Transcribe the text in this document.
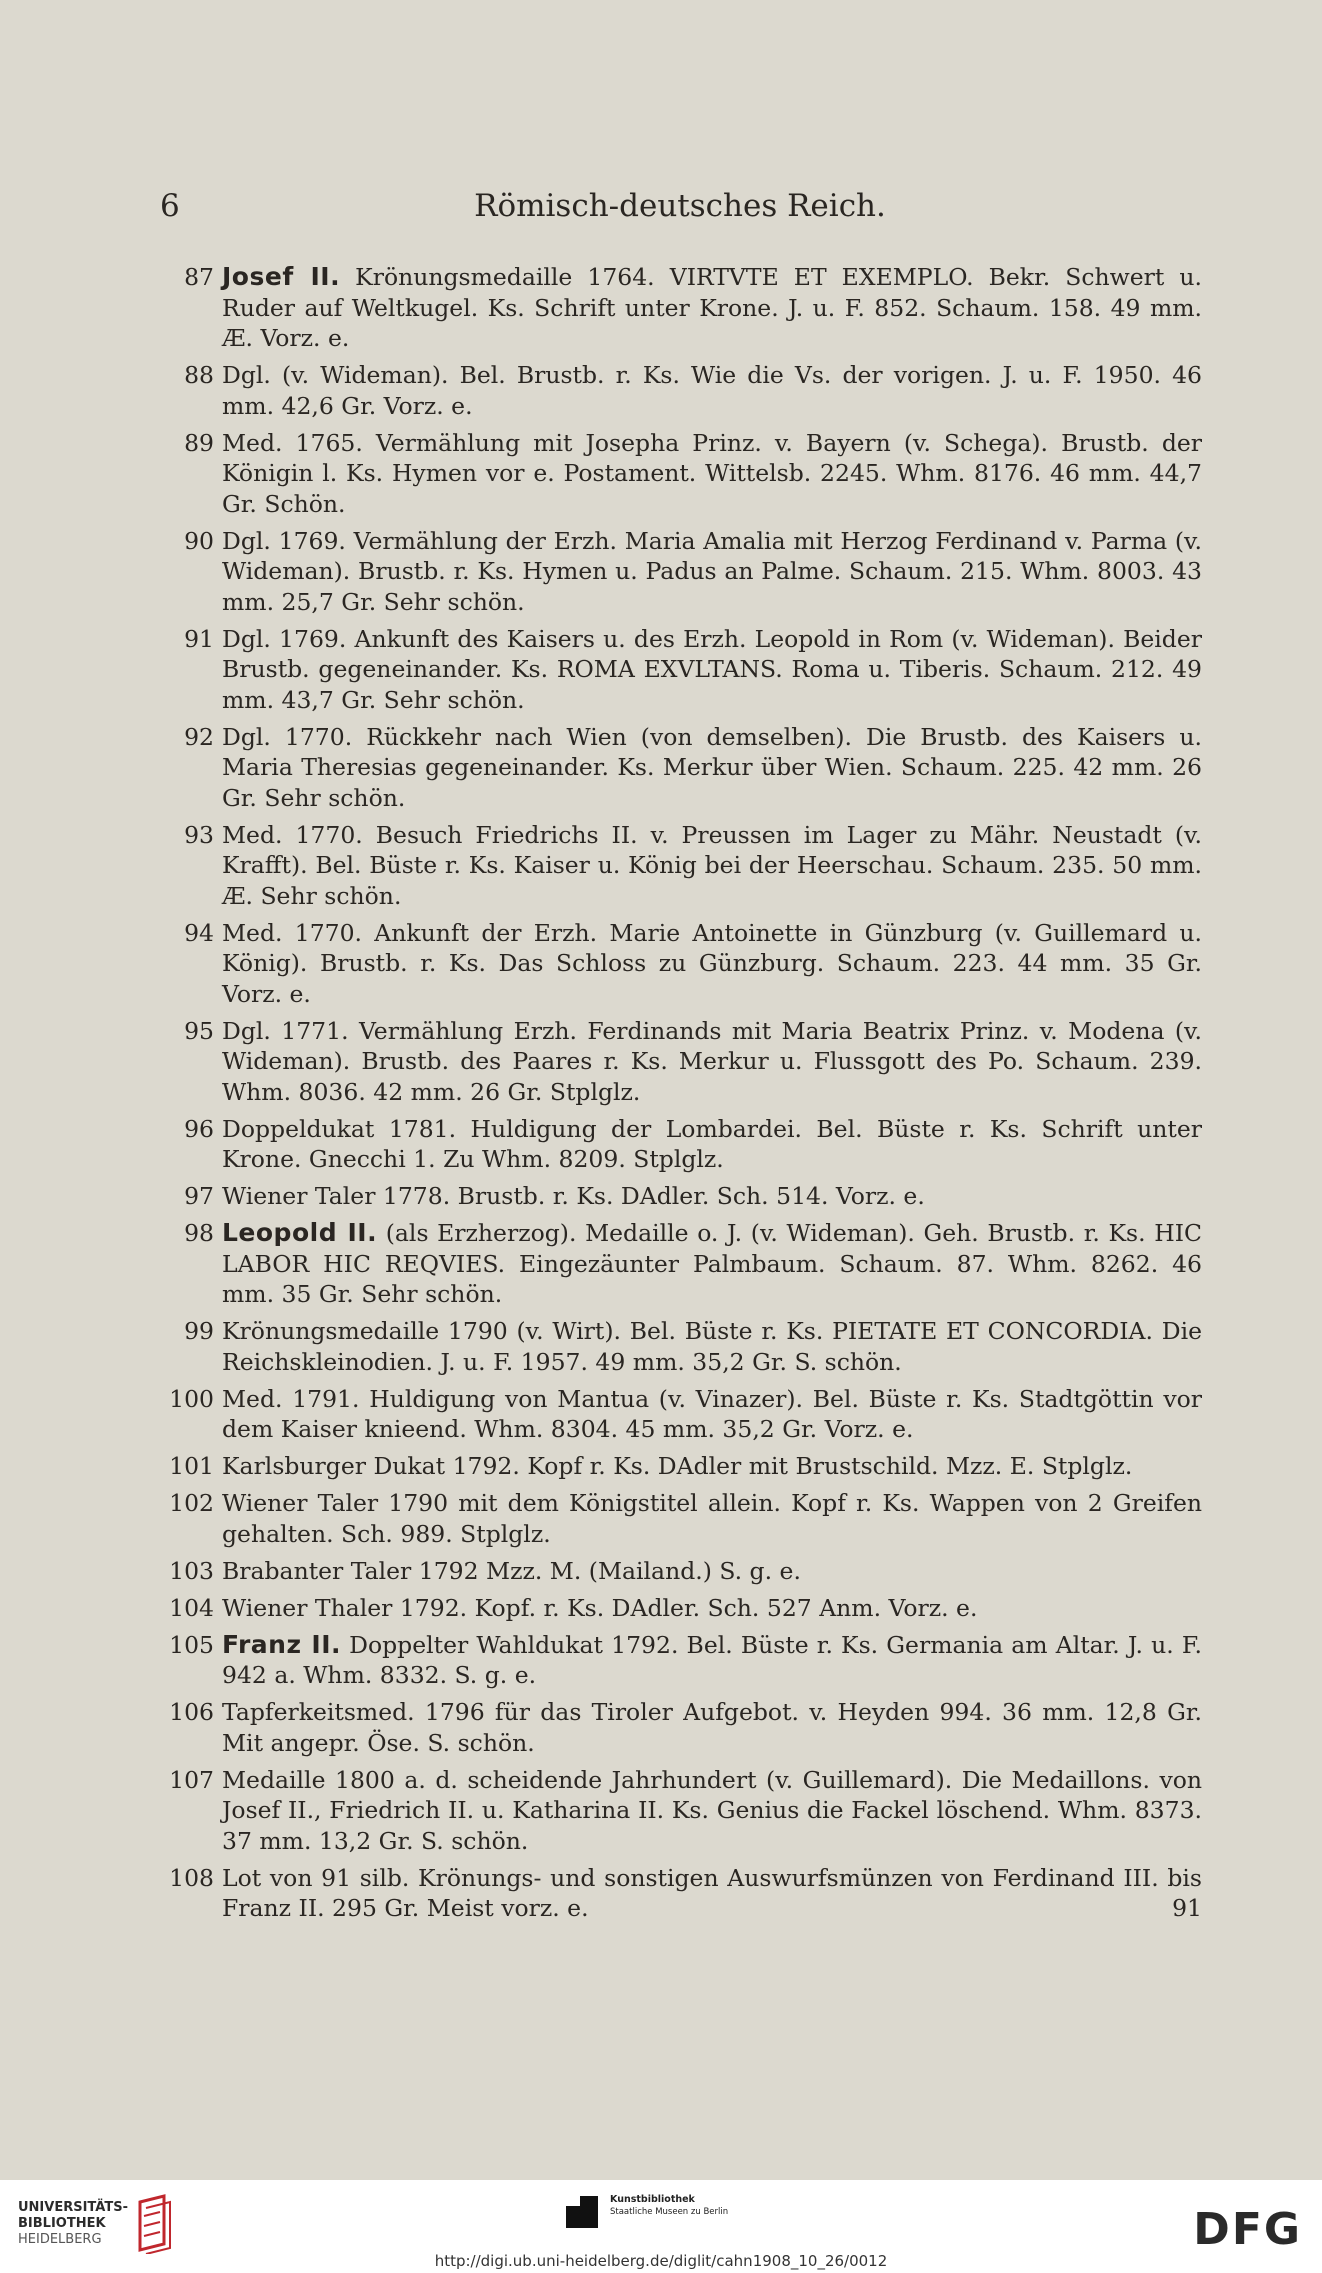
6	Römisch-deutsches Reich.
87 Josef II. Krönungsmedaille 1764. VIRTVTE ET EXEMPLO. Bekr. Schwert u. Ruder auf Weltkugel. Ks. Schrift unter Krone. J. u. F. 852. Schaum. 158. 49 mm. Æ. Vorz. e.
88 Dgl. (v. Wideman). Bel. Brustb. r. Ks. Wie die Vs. der vorigen. J. u. F. 1950. 46 mm. 42,6 Gr. Vorz. e.
89 Med. 1765. Vermählung mit Josepha Prinz. v. Bayern (v. Schega). Brustb. der Königin l. Ks. Hymen vor e. Postament. Wittelsb. 2245. Whm. 8176. 46 mm. 44,7 Gr. Schön.
90 Dgl. 1769. Vermählung der Erzh. Maria Amalia mit Herzog Ferdinand v. Parma (v. Wideman). Brustb. r. Ks. Hymen u. Padus an Palme. Schaum. 215. Whm. 8003. 43 mm. 25,7 Gr. Sehr schön.
91 Dgl. 1769. Ankunft des Kaisers u. des Erzh. Leopold in Rom (v. Wideman). Beider Brustb. gegeneinander. Ks. ROMA EXVLTANS. Roma u. Tiberis. Schaum. 212. 49 mm. 43,7 Gr. Sehr schön.
92 Dgl. 1770. Rückkehr nach Wien (von demselben). Die Brustb. des Kaisers u. Maria Theresias gegeneinander. Ks. Merkur über Wien. Schaum. 225. 42 mm. 26 Gr. Sehr schön.
93 Med. 1770. Besuch Friedrichs II. v. Preussen im Lager zu Mähr. Neustadt (v. Krafft). Bel. Büste r. Ks. Kaiser u. König bei der Heerschau. Schaum. 235. 50 mm. Æ. Sehr schön.
94 Med. 1770. Ankunft der Erzh. Marie Antoinette in Günzburg (v. Guillemard u. König). Brustb. r. Ks. Das Schloss zu Günzburg. Schaum. 223. 44 mm. 35 Gr. Vorz. e.
95 Dgl. 1771. Vermählung Erzh. Ferdinands mit Maria Beatrix Prinz. v. Modena (v. Wideman). Brustb. des Paares r. Ks. Merkur u. Flussgott des Po. Schaum. 239. Whm. 8036. 42 mm. 26 Gr. Stplglz.
96 Doppeldukat 1781. Huldigung der Lombardei. Bel. Büste r. Ks. Schrift unter Krone. Gnecchi 1. Zu Whm. 8209. Stplglz.
97 Wiener Taler 1778. Brustb. r. Ks. DAdler. Sch. 514. Vorz. e.
98 Leopold II. (als Erzherzog). Medaille o. J. (v. Wideman). Geh. Brustb. r. Ks. HIC LABOR HIC REQVIES. Eingezäunter Palmbaum. Schaum. 87. Whm. 8262. 46 mm. 35 Gr. Sehr schön.
99 Krönungsmedaille 1790 (v. Wirt). Bel. Büste r. Ks. PIETATE ET CONCORDIA. Die Reichskleinodien. J. u. F. 1957. 49 mm. 35,2 Gr. S. schön.
100 Med. 1791. Huldigung von Mantua (v. Vinazer). Bel. Büste r. Ks. Stadtgöttin vor dem Kaiser knieend. Whm. 8304. 45 mm. 35,2 Gr. Vorz. e.
101 Karlsburger Dukat 1792. Kopf r. Ks. DAdler mit Brustschild. Mzz. E. Stplglz.
102 Wiener Taler 1790 mit dem Königstitel allein. Kopf r. Ks. Wappen von 2 Greifen gehalten. Sch. 989. Stplglz.
103 Brabanter Taler 1792 Mzz. M. (Mailand.) S. g. e.
104 Wiener Thaler 1792. Kopf. r. Ks. DAdler. Sch. 527 Anm. Vorz. e.
105 Franz II. Doppelter Wahldukat 1792. Bel. Büste r. Ks. Germania am Altar. J. u. F. 942 a. Whm. 8332. S. g. e.
106 Tapferkeitsmed. 1796 für das Tiroler Aufgebot. v. Heyden 994. 36 mm. 12,8 Gr. Mit angepr. Öse. S. schön.
107 Medaille 1800 a. d. scheidende Jahrhundert (v. Guillemard). Die Medaillons. von Josef II., Friedrich II. u. Katharina II. Ks. Genius die Fackel löschend. Whm. 8373. 37 mm. 13,2 Gr. S. schön.
108 Lot von 91 silb. Krönungs- und sonstigen Auswurfsmünzen von Ferdinand III. bis Franz II. 295 Gr. Meist vorz. e.	91
UNIVERSITÄTS-
BIBLIOTHEK
HEIDELBERG
Kunstbibliothek
Staatliche Museen zu Berlin	DFG
http://digi.ub.uni-heidelberg.de/diglit/cahn1908_10_26/0012
